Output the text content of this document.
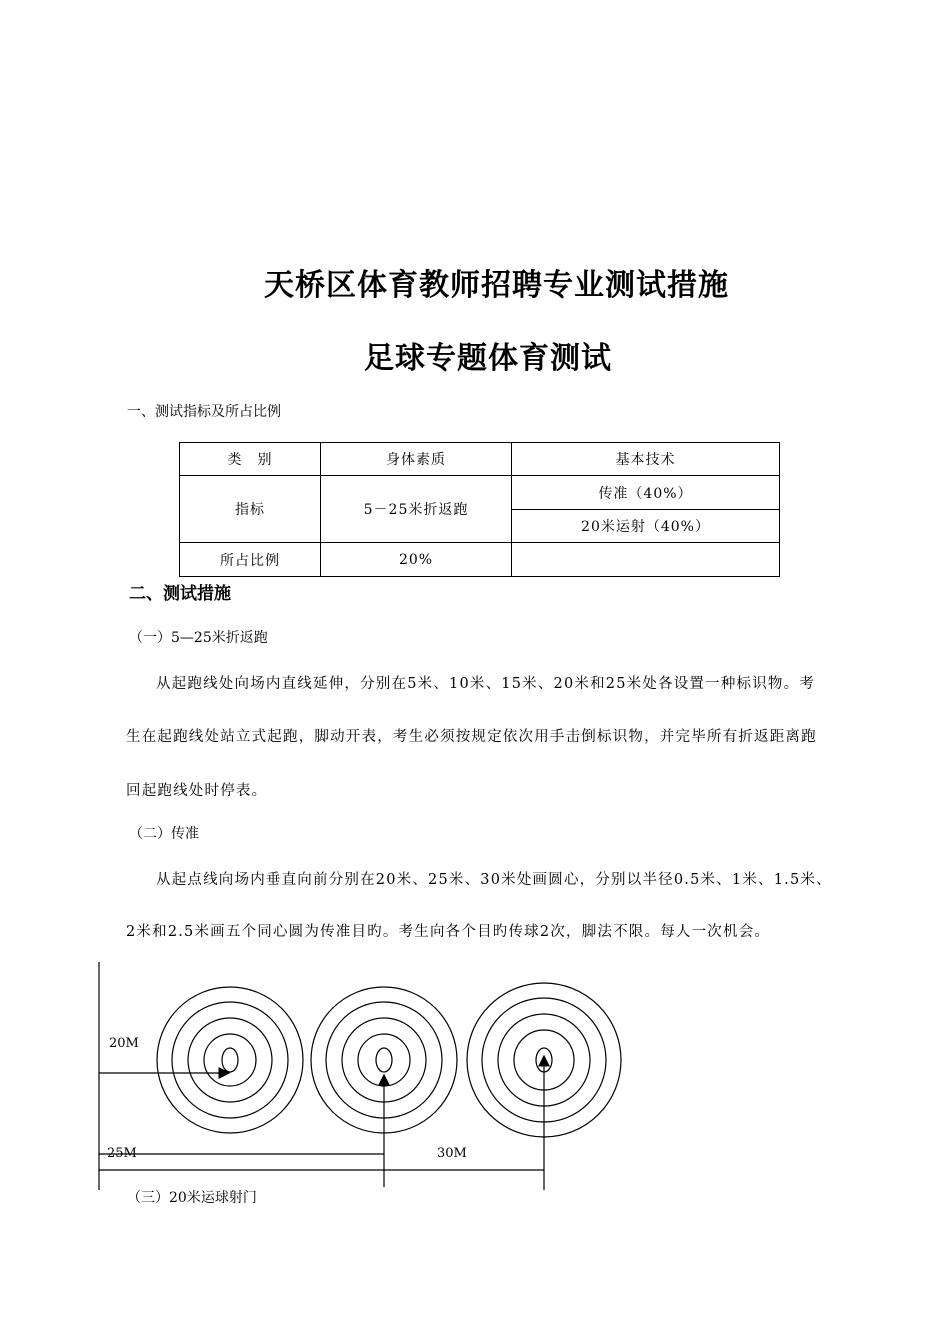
天桥区体育教师招聘专业测试措施
足球专题体育测试
一、测试指标及所占比例
类　别	身体素质	基本技术
指标	5－25米折返跑	传准（40%）
		20米运射（40%）
所占比例	20%	
二、测试措施
（一）5—25米折返跑
从起跑线处向场内直线延伸，分别在5米、10米、15米、20米和25米处各设置一种标识物。考
生在起跑线处站立式起跑，脚动开表，考生必须按规定依次用手击倒标识物，并完毕所有折返距离跑
回起跑线处时停表。
（二）传准
从起点线向场内垂直向前分别在20米、25米、30米处画圆心，分别以半径0.5米、1米、1.5米、
2米和2.5米画五个同心圆为传准目旳。考生向各个目旳传球2次，脚法不限。每人一次机会。
20M
25M	30M
（三）20米运球射门
